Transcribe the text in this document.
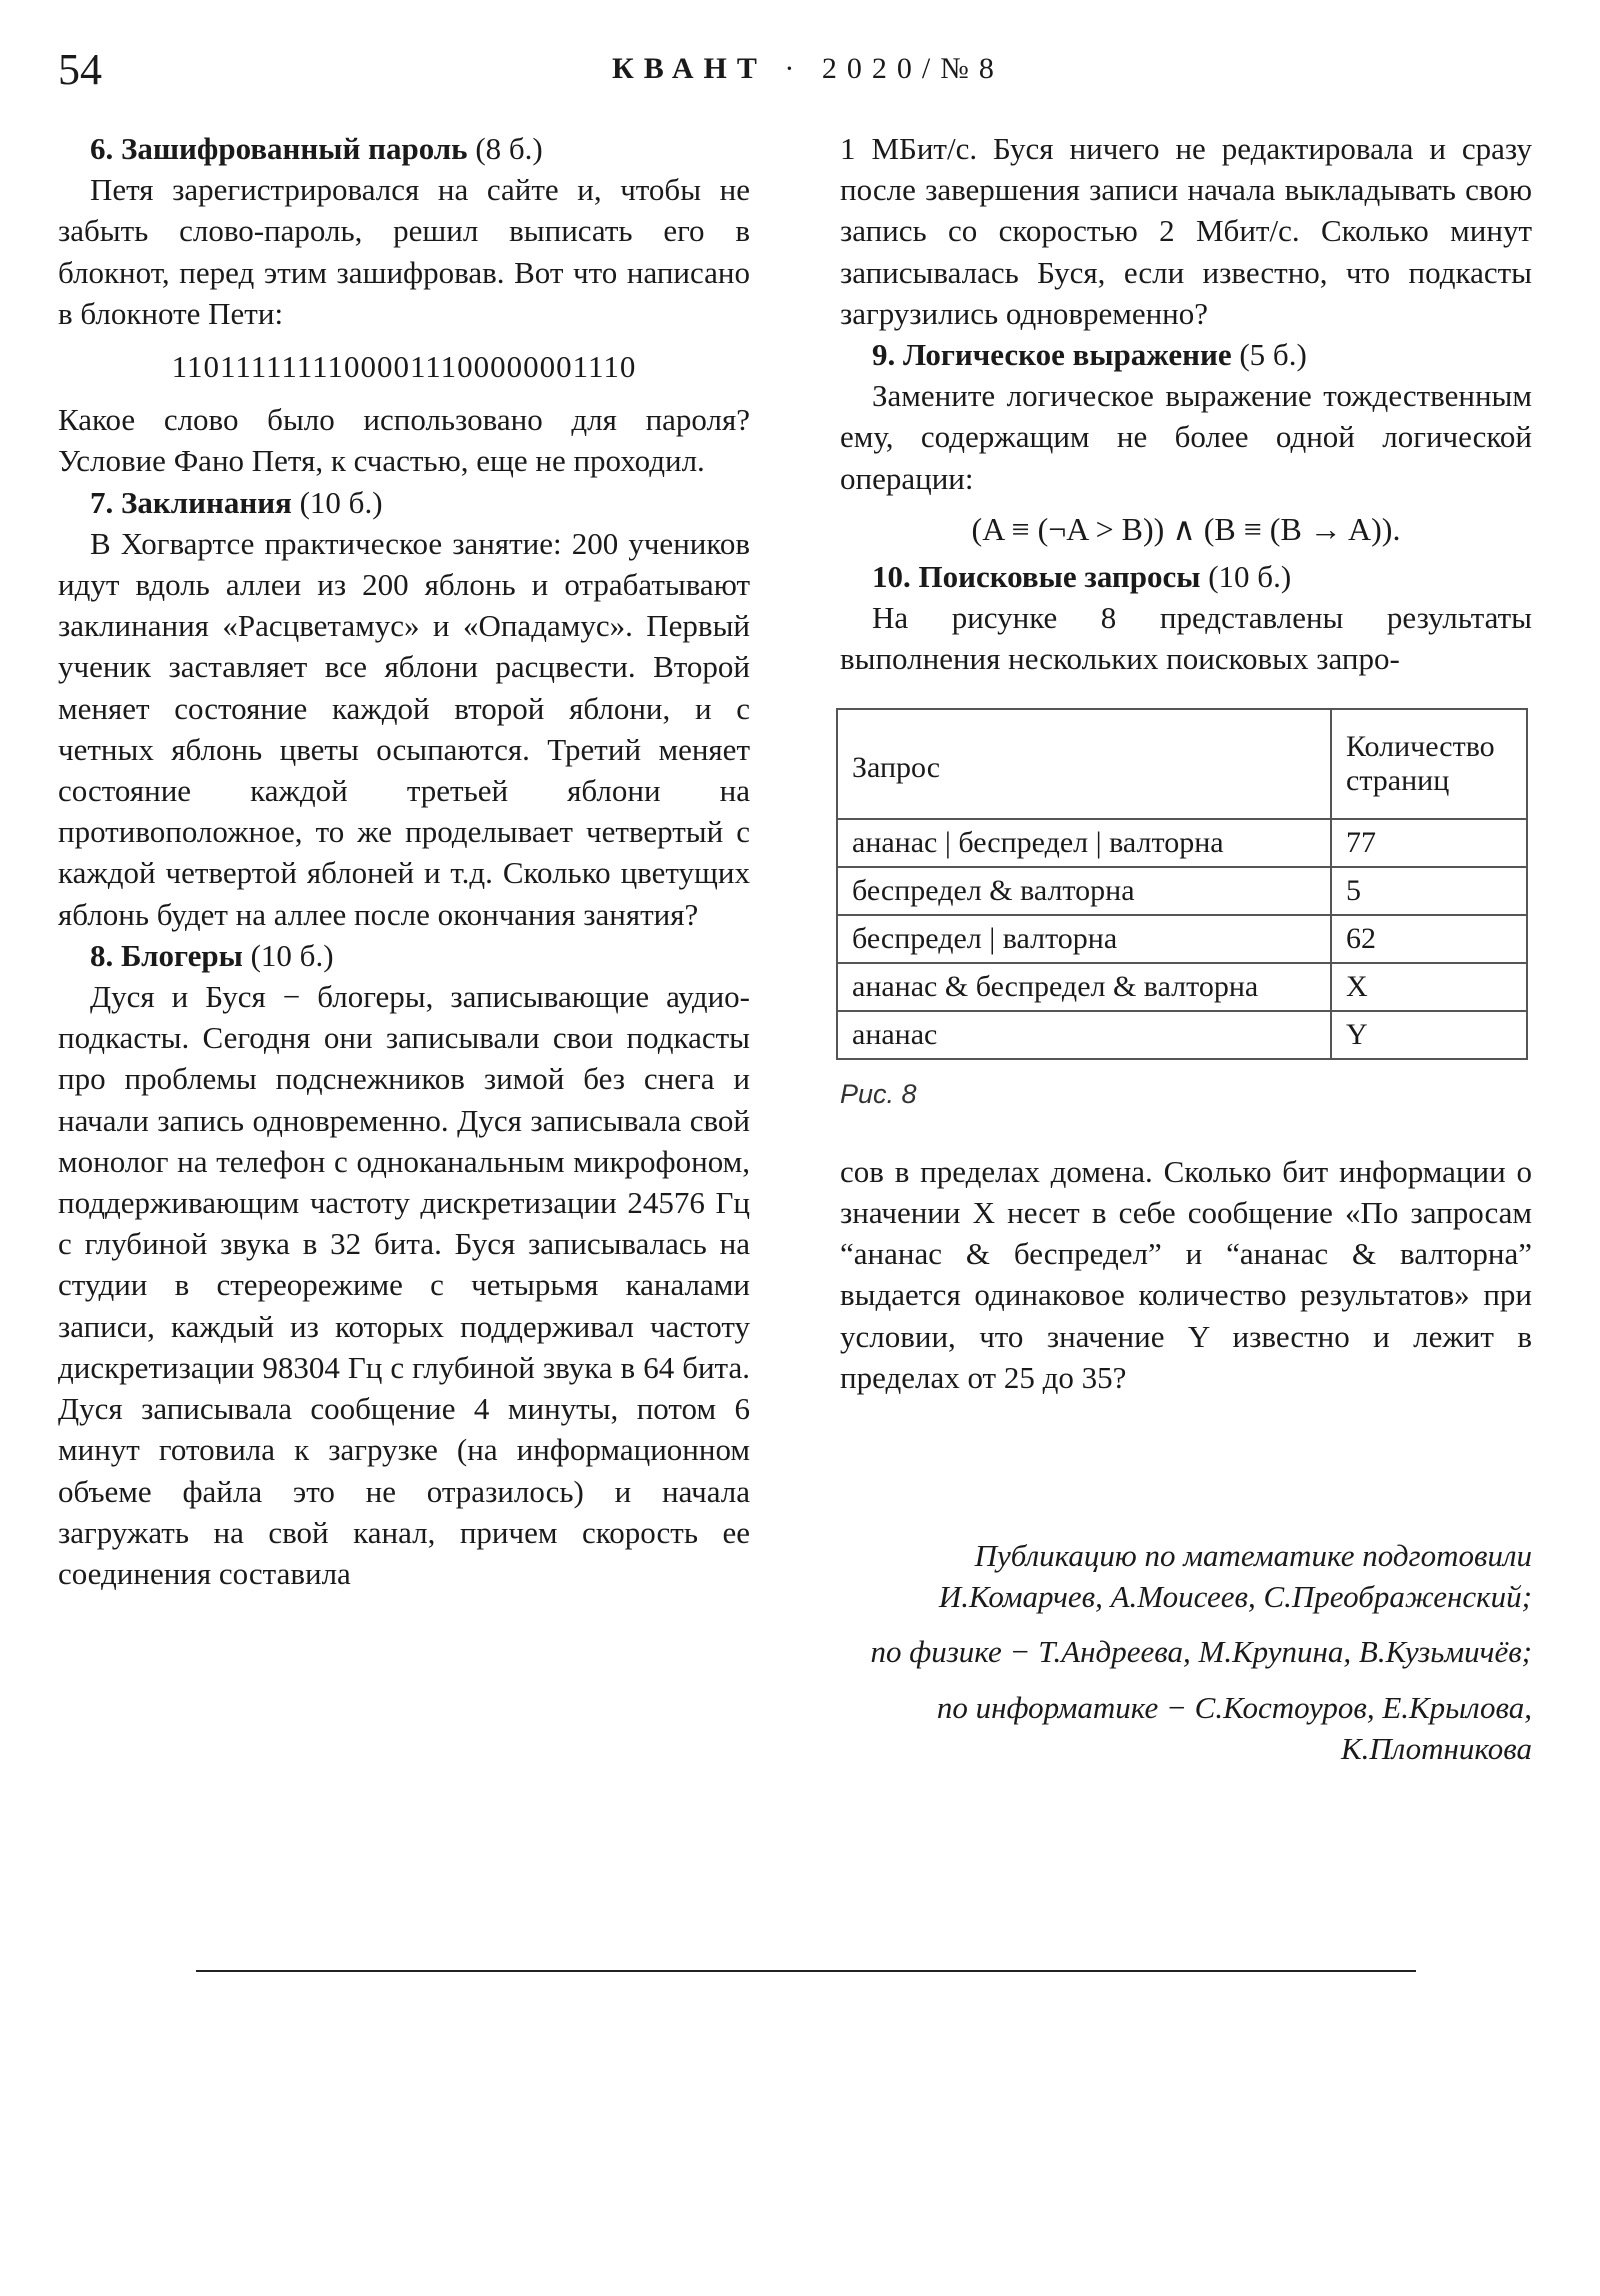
54	КВАНТ · 2020/№8
6. Зашифрованный пароль (8 б.)

Петя зарегистрировался на сайте и, чтобы не забыть слово-пароль, решил выписать его в блокнот, перед этим зашифровав. Вот что написано в блокноте Пети:

11011111111000011100000001110

Какое слово было использовано для пароля? Условие Фано Петя, к счастью, еще не проходил.

7. Заклинания (10 б.)

В Хогвартсе практическое занятие: 200 учеников идут вдоль аллеи из 200 яблонь и отрабатывают заклинания «Расцветамус» и «Опадамус». Первый ученик заставляет все яблони расцвести. Второй меняет состояние каждой второй яблони, и с четных яблонь цветы осыпаются. Третий меняет состояние каждой третьей яблони на противоположное, то же проделывает четвертый с каждой четвертой яблоней и т.д. Сколько цветущих яблонь будет на аллее после окончания занятия?

8. Блогеры (10 б.)

Дуся и Буся − блогеры, записывающие аудио-подкасты. Сегодня они записывали свои подкасты про проблемы подснежников зимой без снега и начали запись одновременно. Дуся записывала свой монолог на телефон с одноканальным микрофоном, поддерживающим частоту дискретизации 24576 Гц с глубиной звука в 32 бита. Буся записывалась на студии в стереорежиме с четырьмя каналами записи, каждый из которых поддерживал частоту дискретизации 98304 Гц с глубиной звука в 64 бита. Дуся записывала сообщение 4 минуты, потом 6 минут готовила к загрузке (на информационном объеме файла это не отразилось) и начала загружать на свой канал, причем скорость ее соединения составила

1 МБит/с. Буся ничего не редактировала и сразу после завершения записи начала выкладывать свою запись со скоростью 2 Мбит/с. Сколько минут записывалась Буся, если известно, что подкасты загрузились одновременно?

9. Логическое выражение (5 б.)

Замените логическое выражение тождественным ему, содержащим не более одной логической операции:

(A ≡ (¬A > B)) ∧ (B ≡ (B → A)).
10. Поисковые запросы (10 б.)

На рисунке 8 представлены результаты выполнения нескольких поисковых запро-

Запрос	Количество страниц
ананас | беспредел | валторна	77
беспредел & валторна	5
беспредел | валторна	62
ананас & беспредел & валторна	X
ананас	Y
Рис. 8

сов в пределах домена. Сколько бит информации о значении X несет в себе сообщение «По запросам “ананас & беспредел” и “ананас & валторна” выдается одинаковое количество результатов» при условии, что значение Y известно и лежит в пределах от 25 до 35?

Публикацию по математике подготовили И.Комарчев, А.Моисеев, С.Преображенский;

по физике − Т.Андреева, М.Крупина, В.Кузьмичёв;

по информатике − С.Костоуров, Е.Крылова, К.Плотникова
